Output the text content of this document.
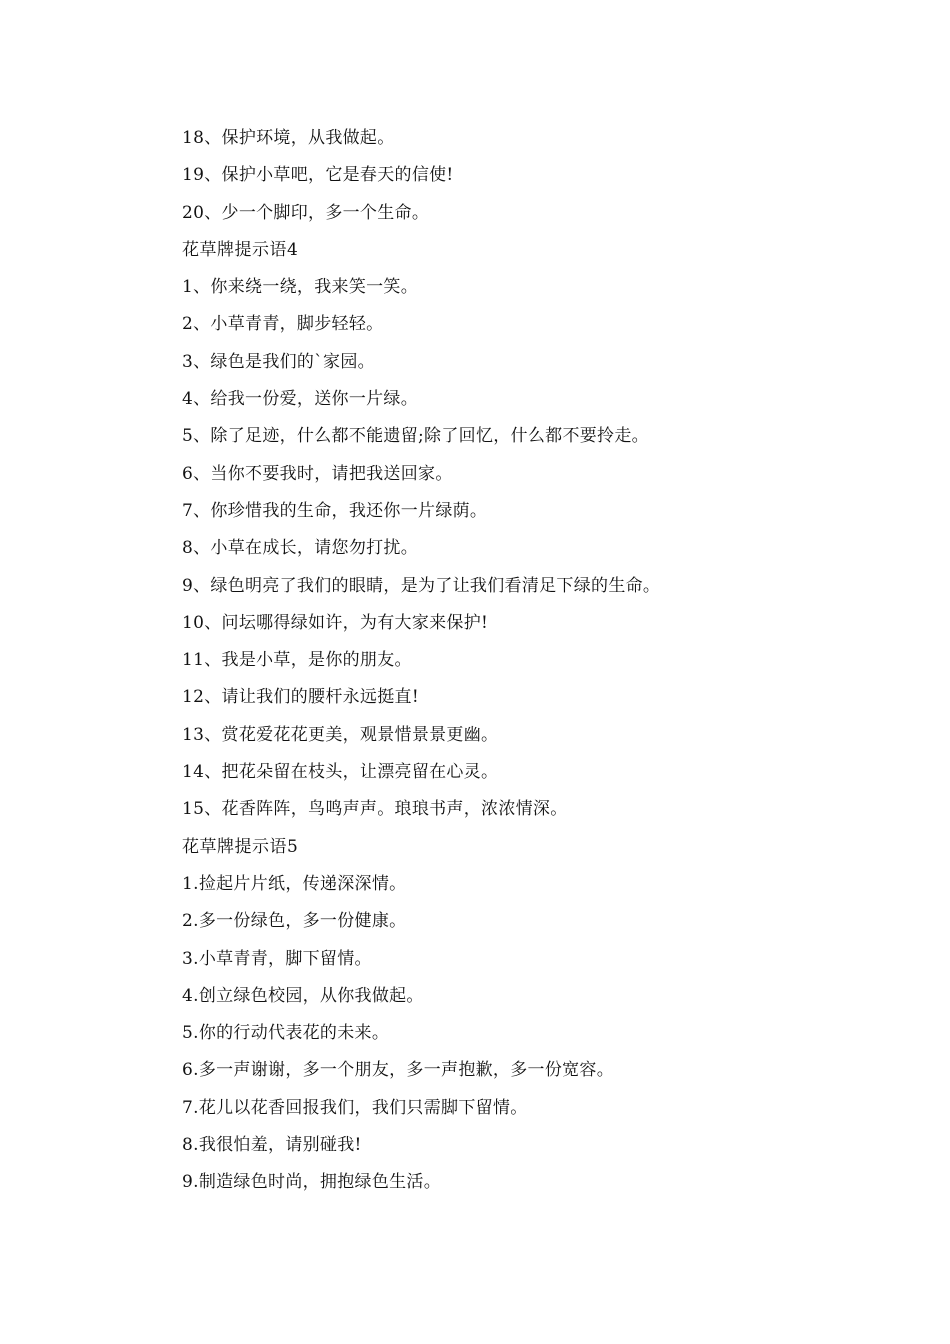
18、保护环境，从我做起。
19、保护小草吧，它是春天的信使!
20、少一个脚印，多一个生命。
花草牌提示语4
1、你来绕一绕，我来笑一笑。
2、小草青青，脚步轻轻。
3、绿色是我们的`家园。
4、给我一份爱，送你一片绿。
5、除了足迹，什么都不能遗留;除了回忆，什么都不要拎走。
6、当你不要我时，请把我送回家。
7、你珍惜我的生命，我还你一片绿荫。
8、小草在成长，请您勿打扰。
9、绿色明亮了我们的眼睛，是为了让我们看清足下绿的生命。
10、问坛哪得绿如许，为有大家来保护!
11、我是小草，是你的朋友。
12、请让我们的腰杆永远挺直!
13、赏花爱花花更美，观景惜景景更幽。
14、把花朵留在枝头，让漂亮留在心灵。
15、花香阵阵，鸟鸣声声。琅琅书声，浓浓情深。
花草牌提示语5
1.捡起片片纸，传递深深情。
2.多一份绿色，多一份健康。
3.小草青青，脚下留情。
4.创立绿色校园，从你我做起。
5.你的行动代表花的未来。
6.多一声谢谢，多一个朋友，多一声抱歉，多一份宽容。
7.花儿以花香回报我们，我们只需脚下留情。
8.我很怕羞，请别碰我!
9.制造绿色时尚，拥抱绿色生活。
